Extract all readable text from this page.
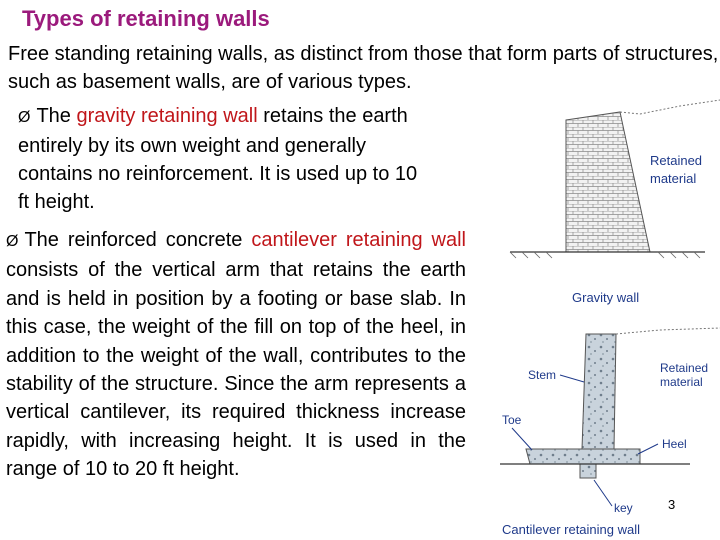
Types of retaining walls

Free standing retaining walls, as distinct from those that form parts of structures, such as basement walls, are of various types.

Ø The gravity retaining wall retains the earth entirely by its own weight and generally contains no reinforcement. It is used up to 10 ft height.

Ø The reinforced concrete cantilever retaining wall consists of the vertical arm that retains the earth and is held in position by a footing or base slab. In this case, the weight of the fill on top of the heel, in addition to the weight of the wall, contributes to the stability of the structure. Since the arm represents a vertical cantilever, its required thickness increase rapidly, with increasing height. It is used in the range of 10 to 20 ft height.

Retained
material
Gravity wall
Stem	Retained
material
Toe
Heel
key
Cantilever retaining wall
3
